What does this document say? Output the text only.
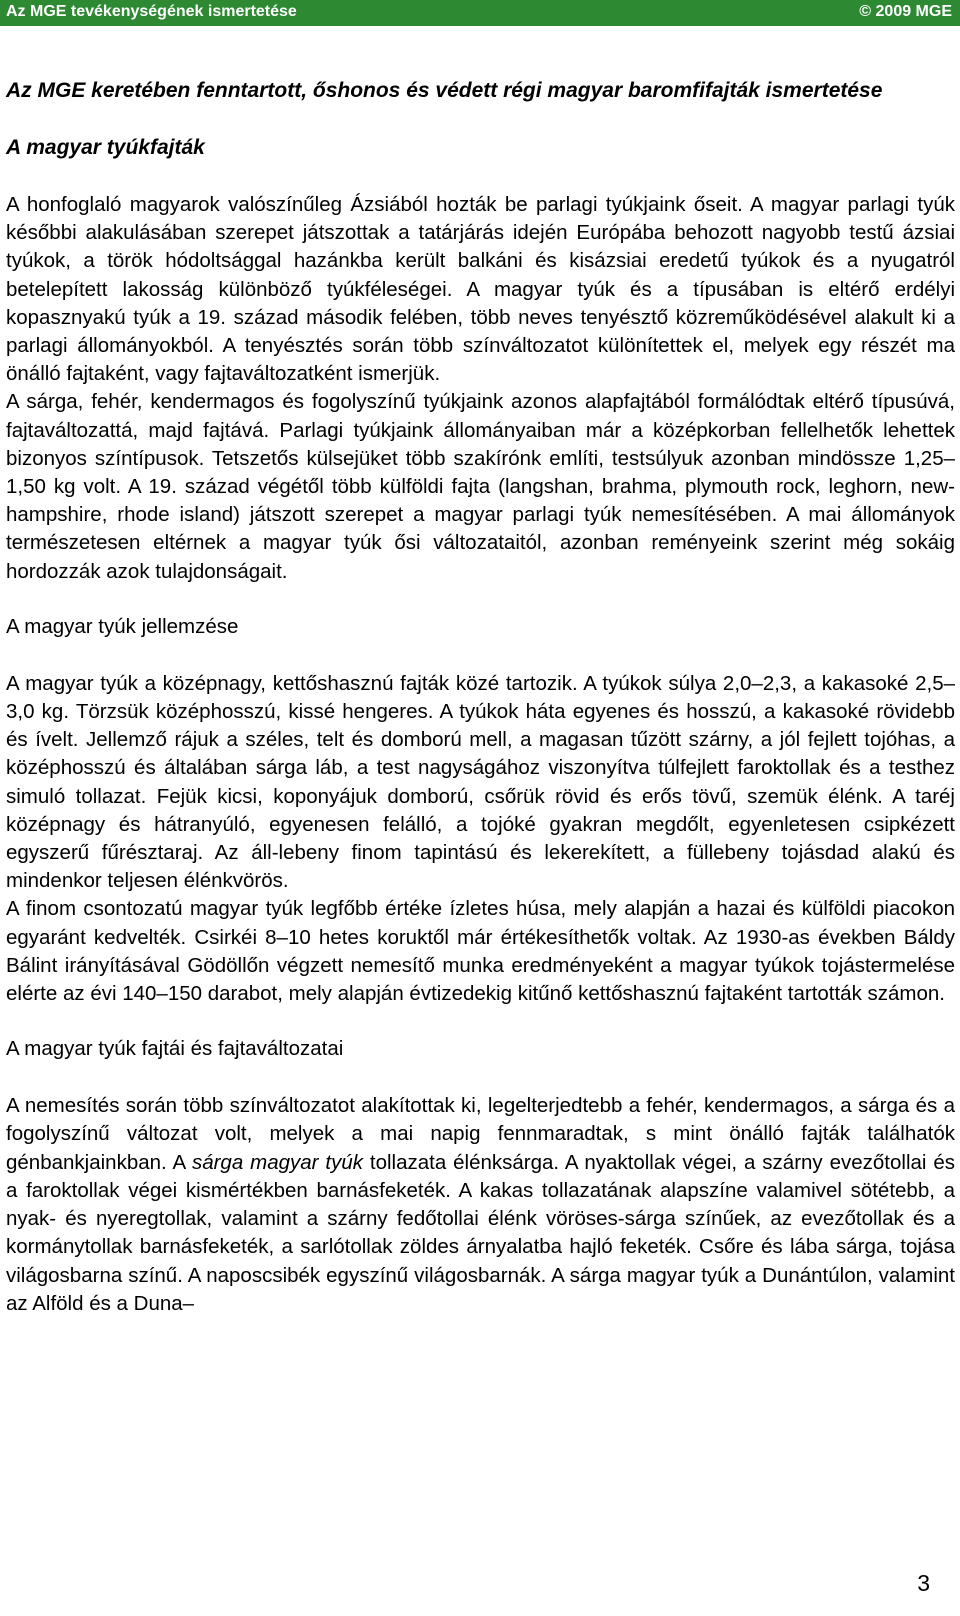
Az MGE tevékenységének ismertetése	© 2009 MGE
Az MGE keretében fenntartott, őshonos és védett régi magyar baromfifajták ismertetése
A magyar tyúkfajták

A honfoglaló magyarok valószínűleg Ázsiából hozták be parlagi tyúkjaink őseit. A magyar parlagi tyúk későbbi alakulásában szerepet játszottak a tatárjárás idején Európába behozott nagyobb testű ázsiai tyúkok, a török hódoltsággal hazánkba került balkáni és kisázsiai eredetű tyúkok és a nyugatról betelepített lakosság különböző tyúkféleségei. A magyar tyúk és a típusában is eltérő erdélyi kopasznyakú tyúk a 19. század második felében, több neves tenyésztő közreműködésével alakult ki a parlagi állományokból. A tenyésztés során több színváltozatot különítettek el, melyek egy részét ma önálló fajtaként, vagy fajtaváltozatként ismerjük.

A sárga, fehér, kendermagos és fogolyszínű tyúkjaink azonos alapfajtából formálódtak eltérő típusúvá, fajtaváltozattá, majd fajtává. Parlagi tyúkjaink állományaiban már a középkorban fellelhetők lehettek bizonyos színtípusok. Tetszetős külsejüket több szakírónk említi, testsúlyuk azonban mindössze 1,25–1,50 kg volt. A 19. század végétől több külföldi fajta (langshan, brahma, plymouth rock, leghorn, new-hampshire, rhode island) játszott szerepet a magyar parlagi tyúk nemesítésében. A mai állományok természetesen eltérnek a magyar tyúk ősi változataitól, azonban reményeink szerint még sokáig hordozzák azok tulajdonságait.

A magyar tyúk jellemzése

A magyar tyúk a középnagy, kettőshasznú fajták közé tartozik. A tyúkok súlya 2,0–2,3, a kakasoké 2,5–3,0 kg. Törzsük középhosszú, kissé hengeres. A tyúkok háta egyenes és hosszú, a kakasoké rövidebb és ívelt. Jellemző rájuk a széles, telt és domború mell, a magasan tűzött szárny, a jól fejlett tojóhas, a középhosszú és általában sárga láb, a test nagyságához viszonyítva túlfejlett faroktollak és a testhez simuló tollazat. Fejük kicsi, koponyájuk domború, csőrük rövid és erős tövű, szemük élénk. A taréj középnagy és hátranyúló, egyenesen felálló, a tojóké gyakran megdőlt, egyenletesen csipkézett egyszerű fűrésztaraj. Az áll-lebeny finom tapintású és lekerekített, a füllebeny tojásdad alakú és mindenkor teljesen élénkvörös.

A finom csontozatú magyar tyúk legfőbb értéke ízletes húsa, mely alapján a hazai és külföldi piacokon egyaránt kedvelték. Csirkéi 8–10 hetes koruktől már értékesíthetők voltak. Az 1930-as években Báldy Bálint irányításával Gödöllőn végzett nemesítő munka eredményeként a magyar tyúkok tojástermelése elérte az évi 140–150 darabot, mely alapján évtizedekig kitűnő kettőshasznú fajtaként tartották számon.

A magyar tyúk fajtái és fajtaváltozatai

A nemesítés során több színváltozatot alakítottak ki, legelterjedtebb a fehér, kendermagos, a sárga és a fogolyszínű változat volt, melyek a mai napig fennmaradtak, s mint önálló fajták találhatók génbankjainkban. A sárga magyar tyúk tollazata élénksárga. A nyaktollak végei, a szárny evezőtollai és a faroktollak végei kismértékben barnásfeketék. A kakas tollazatának alapszíne valamivel sötétebb, a nyak- és nyeregtollak, valamint a szárny fedőtollai élénk vöröses-sárga színűek, az evezőtollak és a kormánytollak barnásfeketék, a sarlótollak zöldes árnyalatba hajló feketék. Csőre és lába sárga, tojása világosbarna színű. A naposcsibék egyszínű világosbarnák. A sárga magyar tyúk a Dunántúlon, valamint az Alföld és a Duna–

3
